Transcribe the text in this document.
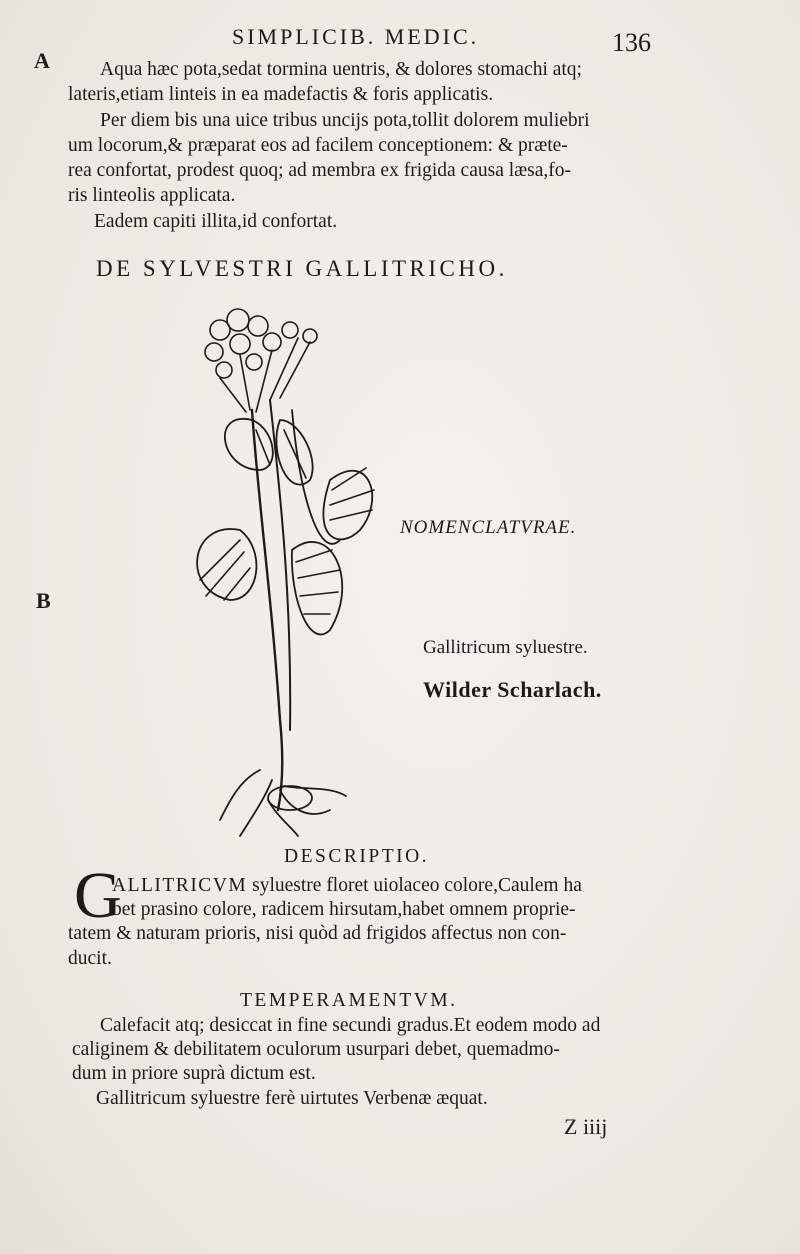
SIMPLICIB. MEDIC.	136
A
B
Aqua hæc pota,sedat tormina uentris, & dolores stomachi atq;
lateris,etiam linteis in ea madefactis & foris applicatis.
Per diem bis una uice tribus uncijs pota,tollit dolorem muliebri
um locorum,& præparat eos ad facilem conceptionem: & præte-
rea confortat, prodest quoq; ad membra ex frigida causa læsa,fo-
ris linteolis applicata.
Eadem capiti illita,id confortat.
DE SYLVESTRI GALLITRICHO.
NOMENCLATVRAE.
Gallitricum syluestre.
Wilder Scharlach.
DESCRIPTIO.
G
ALLITRICVM syluestre floret uiolaceo colore,Caulem ha
bet prasino colore, radicem hirsutam,habet omnem proprie-
tatem & naturam prioris, nisi quòd ad frigidos affectus non con-
ducit.
TEMPERAMENTVM.
Calefacit atq; desiccat in fine secundi gradus.Et eodem modo ad
caliginem & debilitatem oculorum usurpari debet, quemadmo-
dum in priore suprà dictum est.
Gallitricum syluestre ferè uirtutes Verbenæ æquat.
Z iiij
